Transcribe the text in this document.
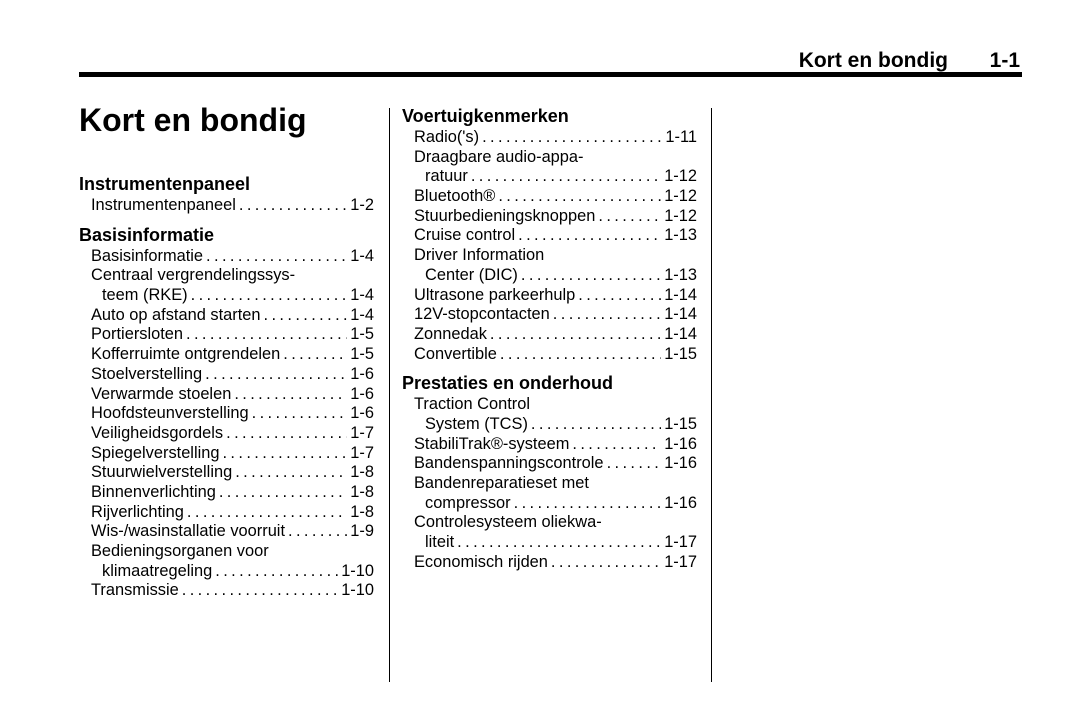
Kort en bondig 1-1
Kort en bondig
Instrumentenpaneel
Instrumentenpaneel .....	1-2
Basisinformatie
Basisinformatie .....	1-4
Centraal vergrendelingssys-
teem (RKE) .....	1-4
Auto op afstand starten .....	1-4
Portiersloten .....	1-5
Kofferruimte ontgrendelen .....	1-5
Stoelverstelling .....	1-6
Verwarmde stoelen .....	1-6
Hoofdsteunverstelling .....	1-6
Veiligheidsgordels .....	1-7
Spiegelverstelling .....	1-7
Stuurwielverstelling .....	1-8
Binnenverlichting .....	1-8
Rijverlichting .....	1-8
Wis-/wasinstallatie voorruit .....	1-9
Bedieningsorganen voor
klimaatregeling .....	1-10
Transmissie .....	1-10
Voertuigkenmerken
Radio('s) .....	1-11
Draagbare audio-appa-
ratuur .....	1-12
Bluetooth® .....	1-12
Stuurbedieningsknoppen .....	1-12
Cruise control .....	1-13
Driver Information
Center (DIC) .....	1-13
Ultrasone parkeerhulp .....	1-14
12V-stopcontacten .....	1-14
Zonnedak .....	1-14
Convertible .....	1-15
Prestaties en onderhoud
Traction Control
System (TCS) .....	1-15
StabiliTrak®-systeem .....	1-16
Bandenspanningscontrole .....	1-16
Bandenreparatieset met
compressor .....	1-16
Controlesysteem oliekwa-
liteit .....	1-17
Economisch rijden .....	1-17
